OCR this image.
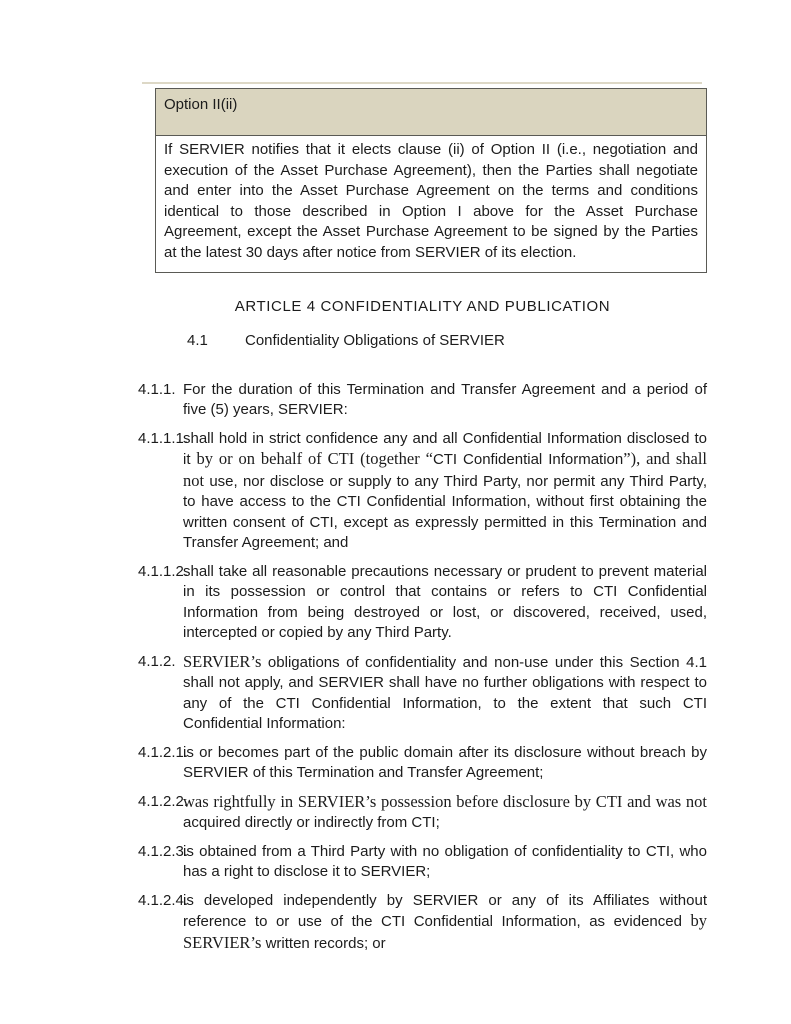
Option II(ii)
If SERVIER notifies that it elects clause (ii) of Option II (i.e., negotiation and execution of the Asset Purchase Agreement), then the Parties shall negotiate and enter into the Asset Purchase Agreement on the terms and conditions identical to those described in Option I above for the Asset Purchase Agreement, except the Asset Purchase Agreement to be signed by the Parties at the latest 30 days after notice from SERVIER of its election.
ARTICLE 4 CONFIDENTIALITY AND PUBLICATION
4.1 Confidentiality Obligations of SERVIER

4.1.1. For the duration of this Termination and Transfer Agreement and a period of five (5) years, SERVIER:

4.1.1.1.
shall hold in strict confidence any and all Confidential Information disclosed to it by or on behalf of CTI (together “CTI Confidential Information”), and shall not use, nor disclose or supply to any Third Party, nor permit any Third Party, to have access to the CTI Confidential Information, without first obtaining the written consent of CTI, except as expressly permitted in this Termination and Transfer Agreement; and

4.1.1.2.
shall take all reasonable precautions necessary or prudent to prevent material in its possession or control that contains or refers to CTI Confidential Information from being destroyed or lost, or discovered, received, used, intercepted or copied by any Third Party.

4.1.2. SERVIER’s obligations of confidentiality and non-use under this Section 4.1 shall not apply, and SERVIER shall have no further obligations with respect to any of the CTI Confidential Information, to the extent that such CTI Confidential Information:

4.1.2.1.
is or becomes part of the public domain after its disclosure without breach by SERVIER of this Termination and Transfer Agreement;

4.1.2.2.
was rightfully in SERVIER’s possession before disclosure by CTI and was not acquired directly or indirectly from CTI;

4.1.2.3.
is obtained from a Third Party with no obligation of confidentiality to CTI, who has a right to disclose it to SERVIER;

4.1.2.4.
is developed independently by SERVIER or any of its Affiliates without reference to or use of the CTI Confidential Information, as evidenced by SERVIER’s written records; or
